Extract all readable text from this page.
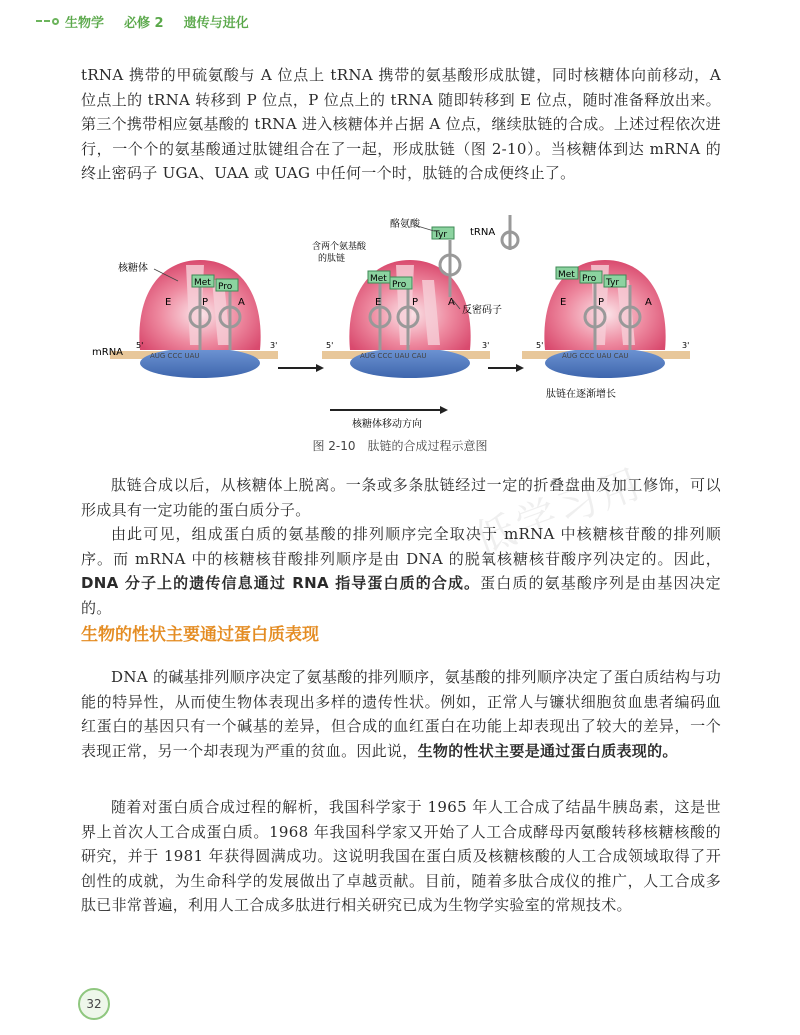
生物学 必修 2 遗传与进化

tRNA 携带的甲硫氨酸与 A 位点上 tRNA 携带的氨基酸形成肽键，同时核糖体向前移动，A 位点上的 tRNA 转移到 P 位点，P 位点上的 tRNA 随即转移到 E 位点，随时准备释放出来。第三个携带相应氨基酸的 tRNA 进入核糖体并占据 A 位点，继续肽链的合成。上述过程依次进行，一个个的氨基酸通过肽键组合在了一起，形成肽链（图 2-10）。当核糖体到达 mRNA 的终止密码子 UGA、UAA 或 UAG 中任何一个时，肽链的合成便终止了。

Met Pro
E	P	A
Met
Pro
E	P	A
Tyr
Met Pro Tyr
E	P	A
AUG CCC UAU	AUG CCC UAU CAU	AUG CCC UAU CAU
5'	3'	5'	3'	5'	3'
核糖体
mRNA
含两个氨基酸
的肽链
酪氨酸
tRNA
反密码子
肽链在逐渐增长
核糖体移动方向
图 2-10　肽链的合成过程示意图
低学习用

肽链合成以后，从核糖体上脱离。一条或多条肽链经过一定的折叠盘曲及加工修饰，可以形成具有一定功能的蛋白质分子。

由此可见，组成蛋白质的氨基酸的排列顺序完全取决于 mRNA 中核糖核苷酸的排列顺序。而 mRNA 中的核糖核苷酸排列顺序是由 DNA 的脱氧核糖核苷酸序列决定的。因此，DNA 分子上的遗传信息通过 RNA 指导蛋白质的合成。蛋白质的氨基酸序列是由基因决定的。

生物的性状主要通过蛋白质表现

DNA 的碱基排列顺序决定了氨基酸的排列顺序，氨基酸的排列顺序决定了蛋白质结构与功能的特异性，从而使生物体表现出多样的遗传性状。例如，正常人与镰状细胞贫血患者编码血红蛋白的基因只有一个碱基的差异，但合成的血红蛋白在功能上却表现出了较大的差异，一个表现正常，另一个却表现为严重的贫血。因此说，生物的性状主要是通过蛋白质表现的。

随着对蛋白质合成过程的解析，我国科学家于 1965 年人工合成了结晶牛胰岛素，这是世界上首次人工合成蛋白质。1968 年我国科学家又开始了人工合成酵母丙氨酸转移核糖核酸的研究，并于 1981 年获得圆满成功。这说明我国在蛋白质及核糖核酸的人工合成领域取得了开创性的成就，为生命科学的发展做出了卓越贡献。目前，随着多肽合成仪的推广，人工合成多肽已非常普遍，利用人工合成多肽进行相关研究已成为生物学实验室的常规技术。

32
